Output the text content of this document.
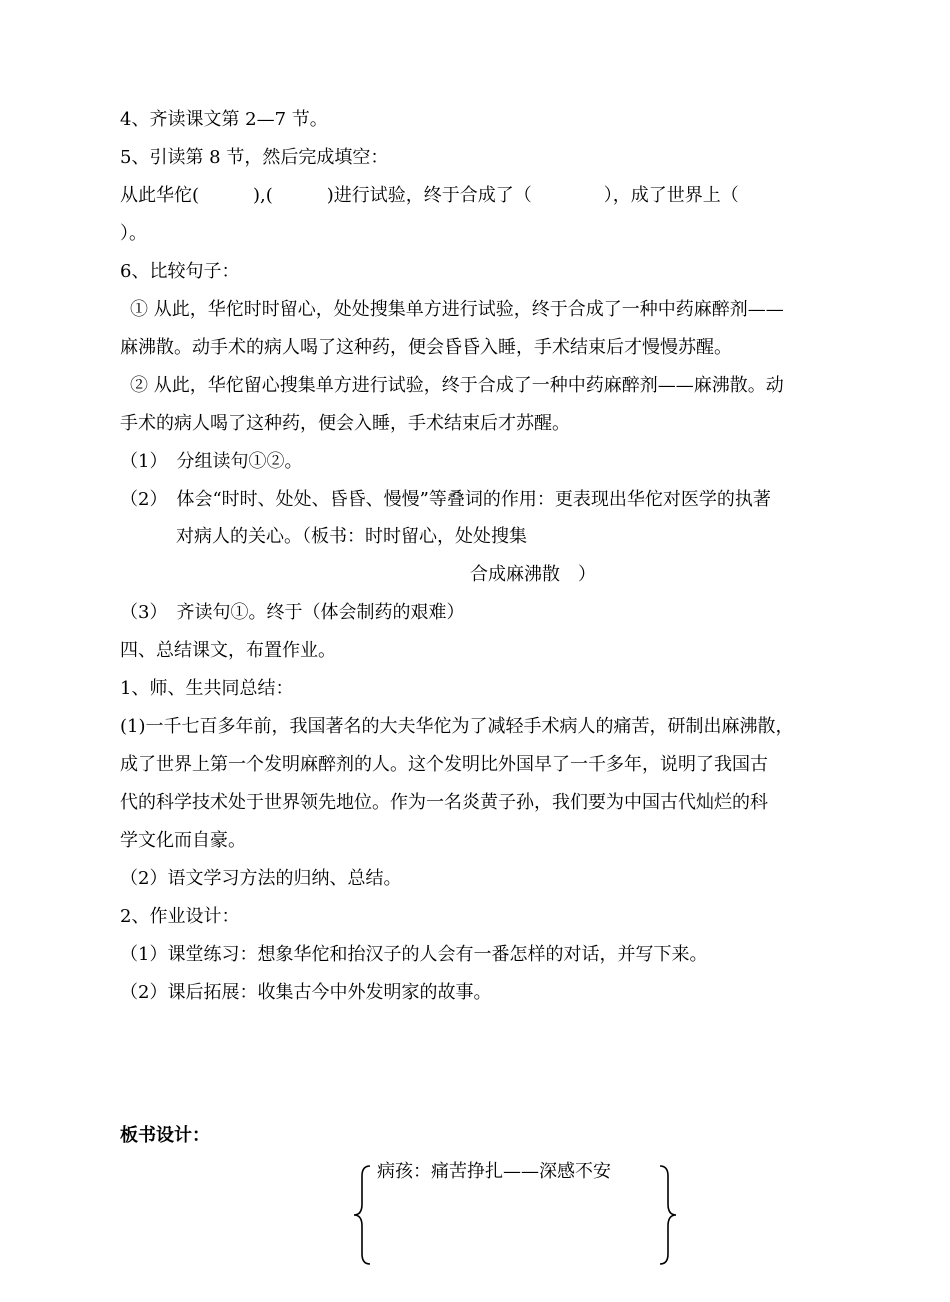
4、齐读课文第 2—7 节。
5、引读第 8 节，然后完成填空：
从此华佗(　　　),(　　　)进行试验，终于合成了（　　　　），成了世界上（
）。
6、比较句子：
① 从此，华佗时时留心，处处搜集单方进行试验，终于合成了一种中药麻醉剂——
麻沸散。动手术的病人喝了这种药，便会昏昏入睡，手术结束后才慢慢苏醒。
② 从此，华佗留心搜集单方进行试验，终于合成了一种中药麻醉剂——麻沸散。动
手术的病人喝了这种药，便会入睡，手术结束后才苏醒。
（1）　分组读句①②。
（2）　体会“时时、处处、昏昏、慢慢”等叠词的作用：更表现出华佗对医学的执著
对病人的关心。（板书：时时留心，处处搜集
合成麻沸散　）
（3）　齐读句①。终于（体会制药的艰难）
四、总结课文，布置作业。
1、师、生共同总结：
(1)一千七百多年前，我国著名的大夫华佗为了减轻手术病人的痛苦，研制出麻沸散，
成了世界上第一个发明麻醉剂的人。这个发明比外国早了一千多年，说明了我国古
代的科学技术处于世界领先地位。作为一名炎黄子孙，我们要为中国古代灿烂的科
学文化而自豪。
（2）语文学习方法的归纳、总结。
2、作业设计：
（1）课堂练习：想象华佗和抬汉子的人会有一番怎样的对话，并写下来。
（2）课后拓展：收集古今中外发明家的故事。
板书设计：
病孩：痛苦挣扎——深感不安
